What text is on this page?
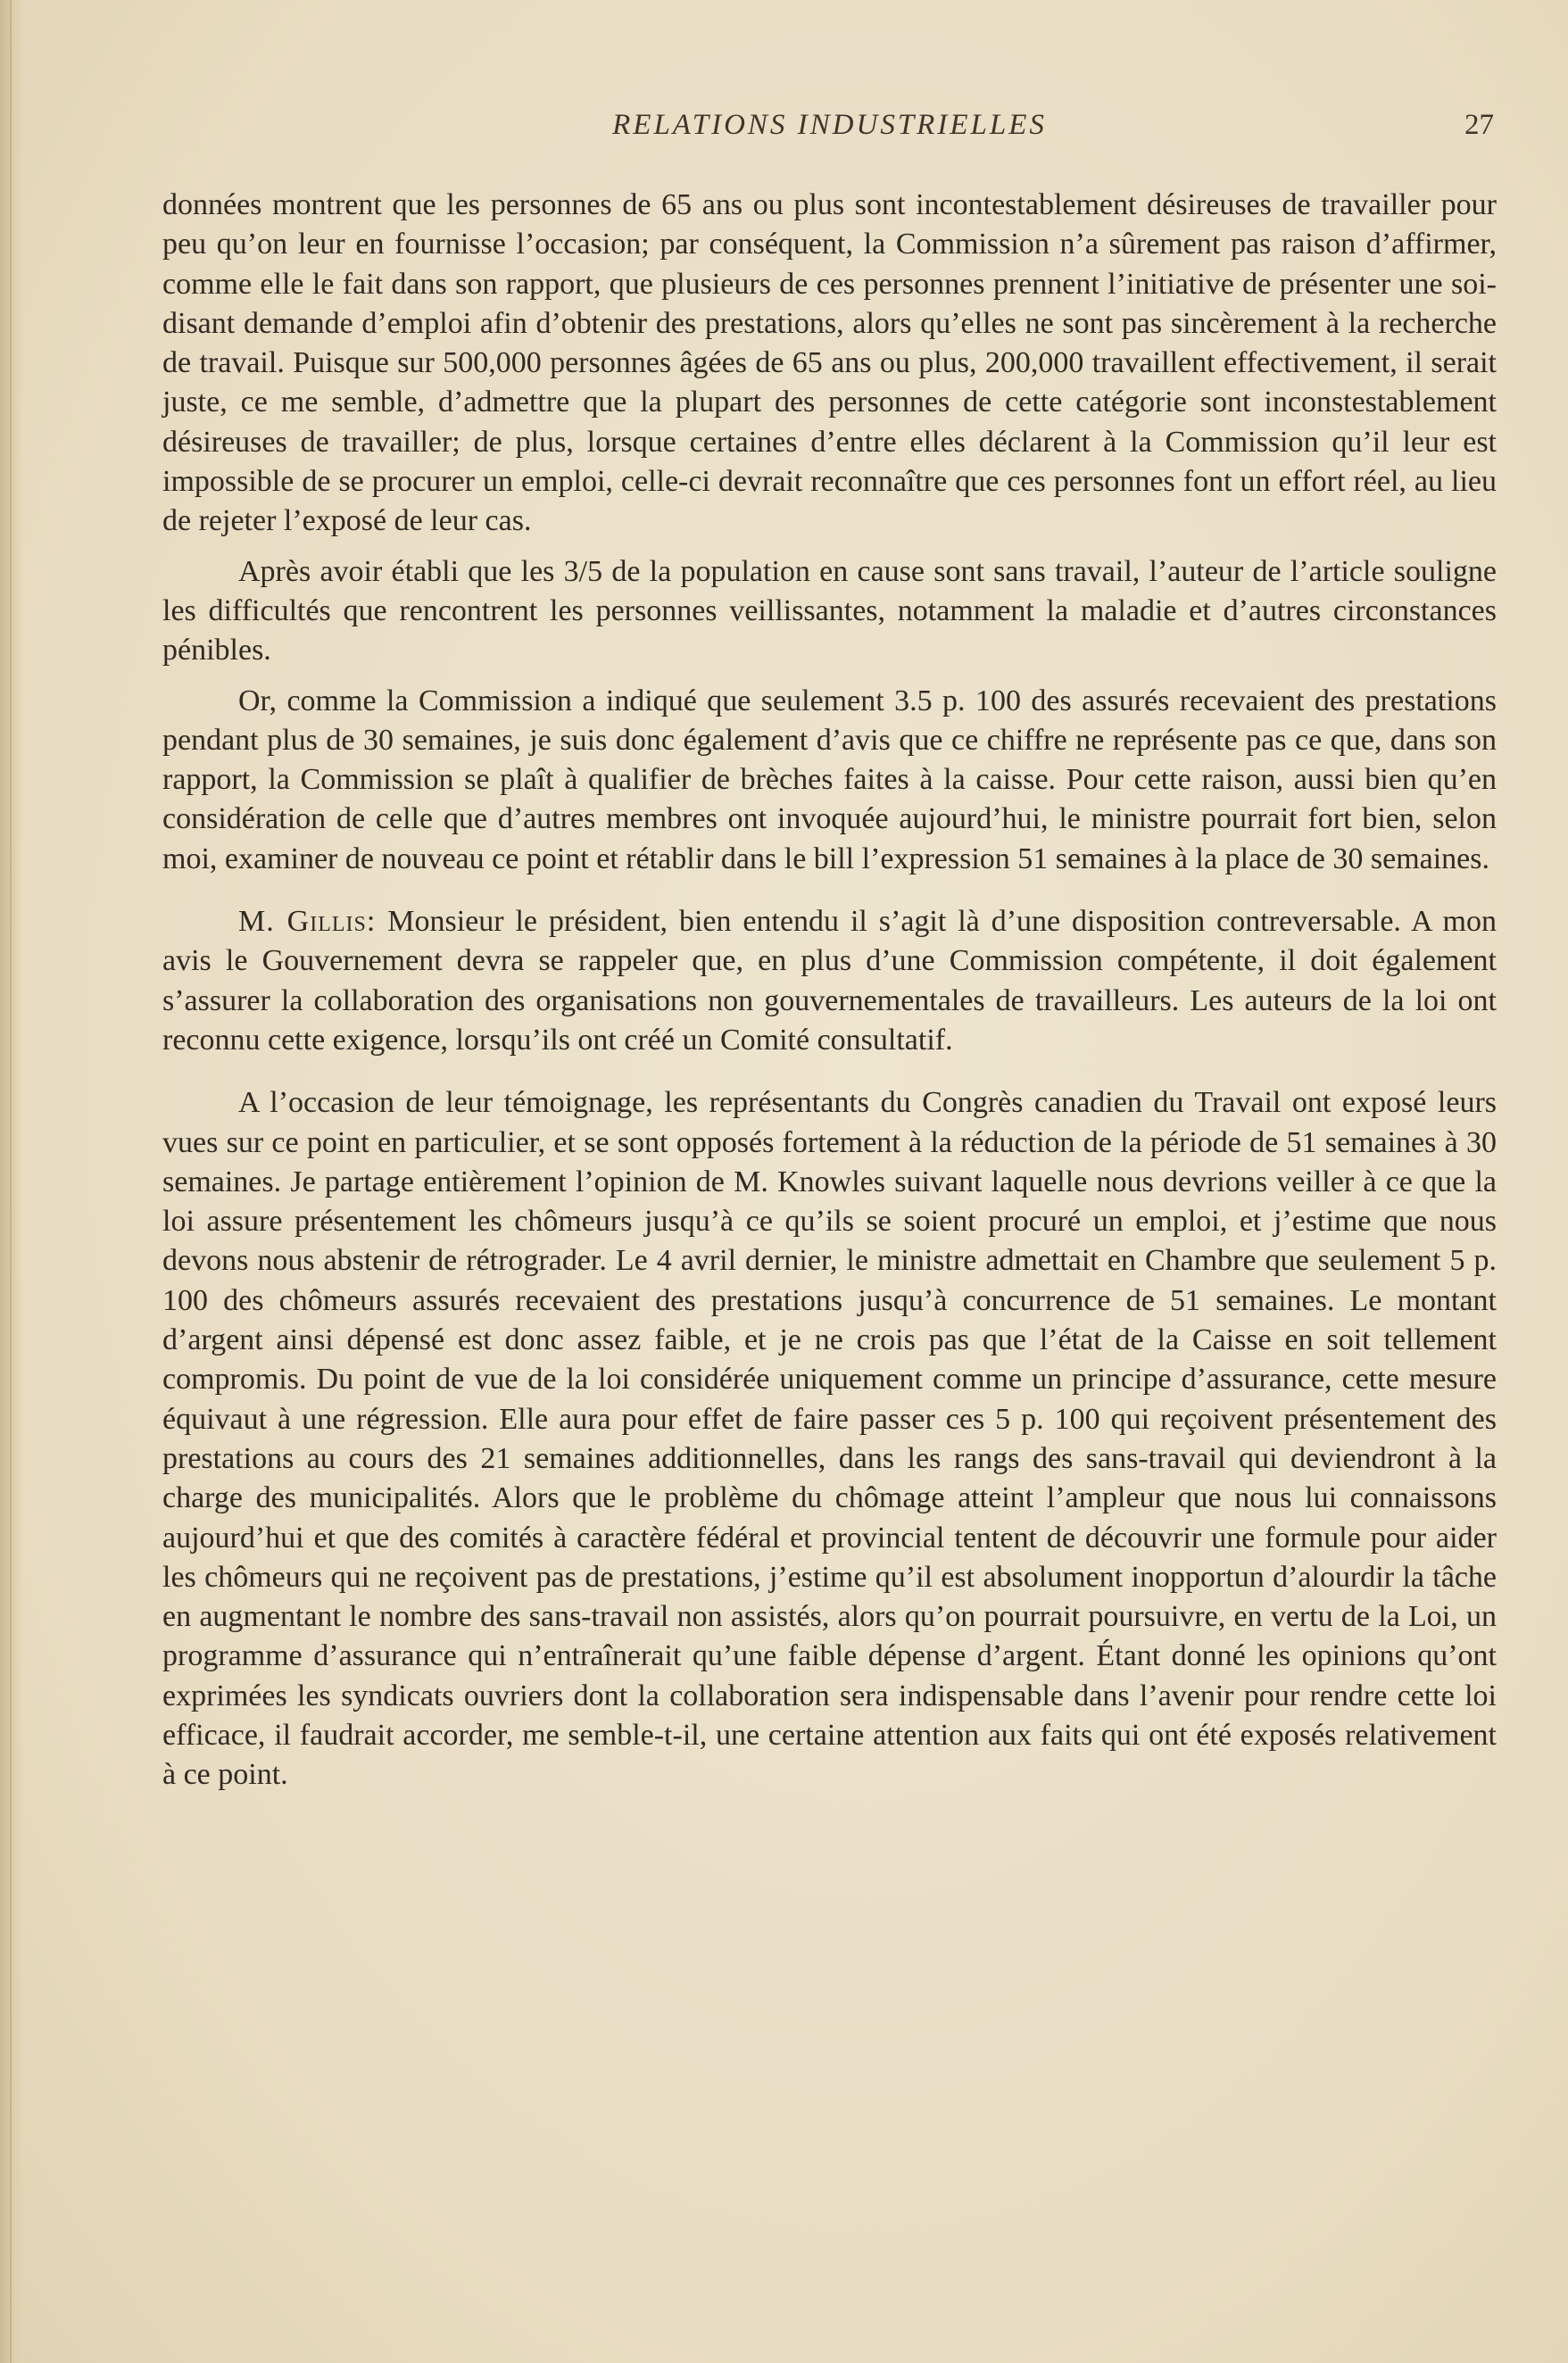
RELATIONS INDUSTRIELLES	27

données montrent que les personnes de 65 ans ou plus sont incontestablement désireuses de travailler pour peu qu’on leur en fournisse l’occasion; par conséquent, la Commission n’a sûrement pas raison d’affirmer, comme elle le fait dans son rapport, que plusieurs de ces personnes prennent l’initiative de présenter une soi-disant demande d’emploi afin d’obtenir des prestations, alors qu’elles ne sont pas sincèrement à la recherche de travail. Puisque sur 500,000 personnes âgées de 65 ans ou plus, 200,000 travaillent effectivement, il serait juste, ce me semble, d’admettre que la plupart des personnes de cette catégorie sont inconstestablement désireuses de travailler; de plus, lorsque certaines d’entre elles déclarent à la Commission qu’il leur est impossible de se procurer un emploi, celle-ci devrait reconnaître que ces personnes font un effort réel, au lieu de rejeter l’exposé de leur cas.

Après avoir établi que les 3/5 de la population en cause sont sans travail, l’auteur de l’article souligne les difficultés que rencontrent les personnes veillissantes, notamment la maladie et d’autres circonstances pénibles.

Or, comme la Commission a indiqué que seulement 3.5 p. 100 des assurés recevaient des prestations pendant plus de 30 semaines, je suis donc également d’avis que ce chiffre ne représente pas ce que, dans son rapport, la Commission se plaît à qualifier de brèches faites à la caisse. Pour cette raison, aussi bien qu’en considération de celle que d’autres membres ont invoquée aujourd’hui, le ministre pourrait fort bien, selon moi, examiner de nouveau ce point et rétablir dans le bill l’expression 51 semaines à la place de 30 semaines.

M. Gillis: Monsieur le président, bien entendu il s’agit là d’une disposition contreversable. A mon avis le Gouvernement devra se rappeler que, en plus d’une Commission compétente, il doit également s’assurer la collaboration des organisations non gouvernementales de travailleurs. Les auteurs de la loi ont reconnu cette exigence, lorsqu’ils ont créé un Comité consultatif.

A l’occasion de leur témoignage, les représentants du Congrès canadien du Travail ont exposé leurs vues sur ce point en particulier, et se sont opposés fortement à la réduction de la période de 51 semaines à 30 semaines. Je partage entièrement l’opinion de M. Knowles suivant laquelle nous devrions veiller à ce que la loi assure présentement les chômeurs jusqu’à ce qu’ils se soient procuré un emploi, et j’estime que nous devons nous abstenir de rétrograder. Le 4 avril dernier, le ministre admettait en Chambre que seulement 5 p. 100 des chômeurs assurés recevaient des prestations jusqu’à concurrence de 51 semaines. Le montant d’argent ainsi dépensé est donc assez faible, et je ne crois pas que l’état de la Caisse en soit tellement compromis. Du point de vue de la loi considérée uniquement comme un principe d’assurance, cette mesure équivaut à une régression. Elle aura pour effet de faire passer ces 5 p. 100 qui reçoivent présentement des prestations au cours des 21 semaines additionnelles, dans les rangs des sans-travail qui deviendront à la charge des municipalités. Alors que le problème du chômage atteint l’ampleur que nous lui connaissons aujourd’hui et que des comités à caractère fédéral et provincial tentent de découvrir une formule pour aider les chômeurs qui ne reçoivent pas de prestations, j’estime qu’il est absolument inopportun d’alourdir la tâche en augmentant le nombre des sans-travail non assistés, alors qu’on pourrait poursuivre, en vertu de la Loi, un programme d’assurance qui n’entraînerait qu’une faible dépense d’argent. Étant donné les opinions qu’ont exprimées les syndicats ouvriers dont la collaboration sera indispensable dans l’avenir pour rendre cette loi efficace, il faudrait accorder, me semble-t-il, une certaine attention aux faits qui ont été exposés relativement à ce point.
